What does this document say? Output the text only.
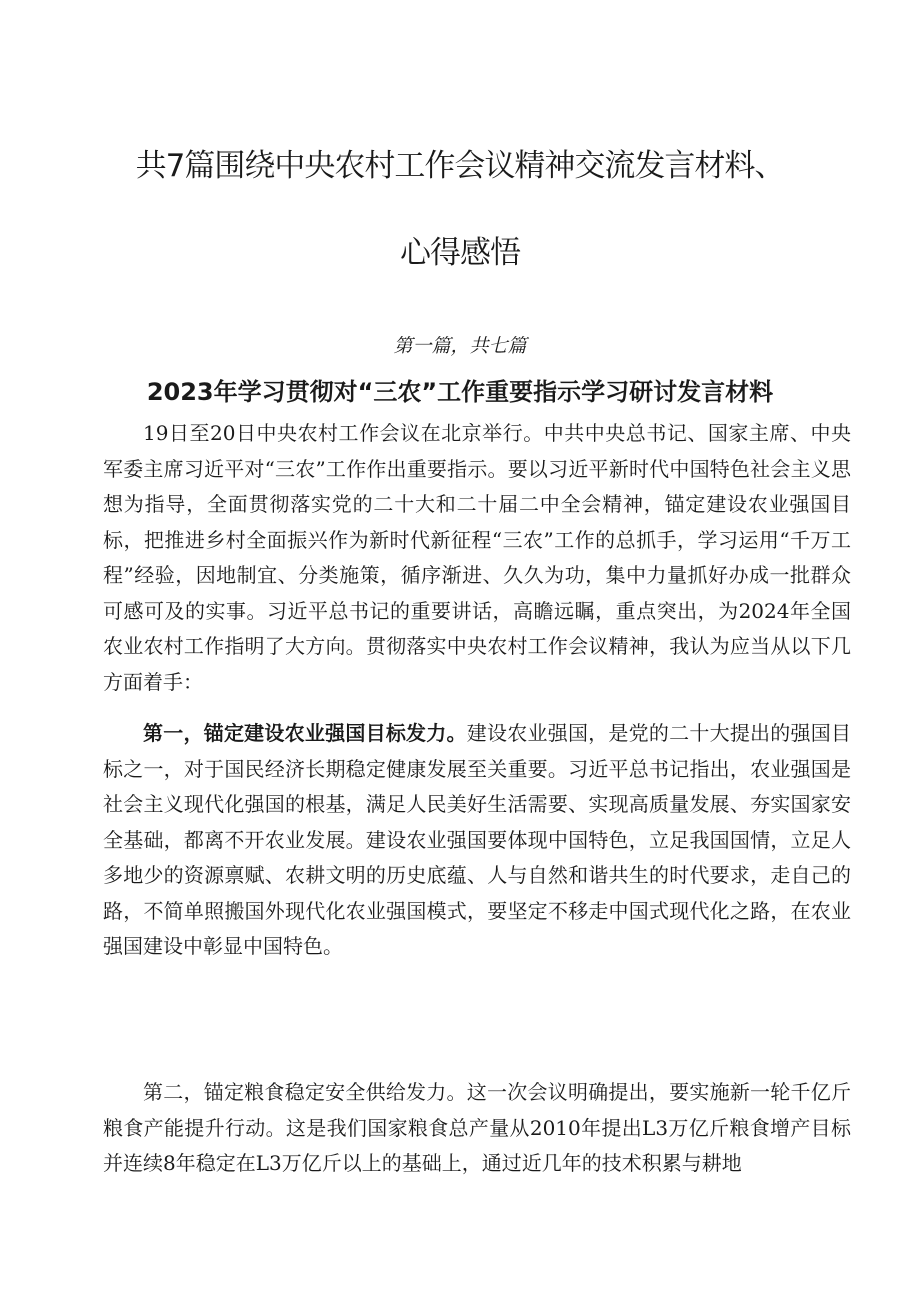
共7篇围绕中央农村工作会议精神交流发言材料、
心得感悟
第一篇，共七篇
2023年学习贯彻对“三农”工作重要指示学习研讨发言材料

19日至20日中央农村工作会议在北京举行。中共中央总书记、国家主席、中央军委主席习近平对“三农”工作作出重要指示。要以习近平新时代中国特色社会主义思想为指导，全面贯彻落实党的二十大和二十届二中全会精神，锚定建设农业强国目标，把推进乡村全面振兴作为新时代新征程“三农”工作的总抓手，学习运用“千万工程”经验，因地制宜、分类施策，循序渐进、久久为功，集中力量抓好办成一批群众可感可及的实事。习近平总书记的重要讲话，高瞻远瞩，重点突出，为2024年全国农业农村工作指明了大方向。贯彻落实中央农村工作会议精神，我认为应当从以下几方面着手：

第一，锚定建设农业强国目标发力。建设农业强国，是党的二十大提出的强国目标之一，对于国民经济长期稳定健康发展至关重要。习近平总书记指出，农业强国是社会主义现代化强国的根基，满足人民美好生活需要、实现高质量发展、夯实国家安全基础，都离不开农业发展。建设农业强国要体现中国特色，立足我国国情，立足人多地少的资源禀赋、农耕文明的历史底蕴、人与自然和谐共生的时代要求，走自己的路，不简单照搬国外现代化农业强国模式，要坚定不移走中国式现代化之路，在农业强国建设中彰显中国特色。

第二，锚定粮食稳定安全供给发力。这一次会议明确提出，要实施新一轮千亿斤粮食产能提升行动。这是我们国家粮食总产量从2010年提出L3万亿斤粮食增产目标并连续8年稳定在L3万亿斤以上的基础上，通过近几年的技术积累与耕地
